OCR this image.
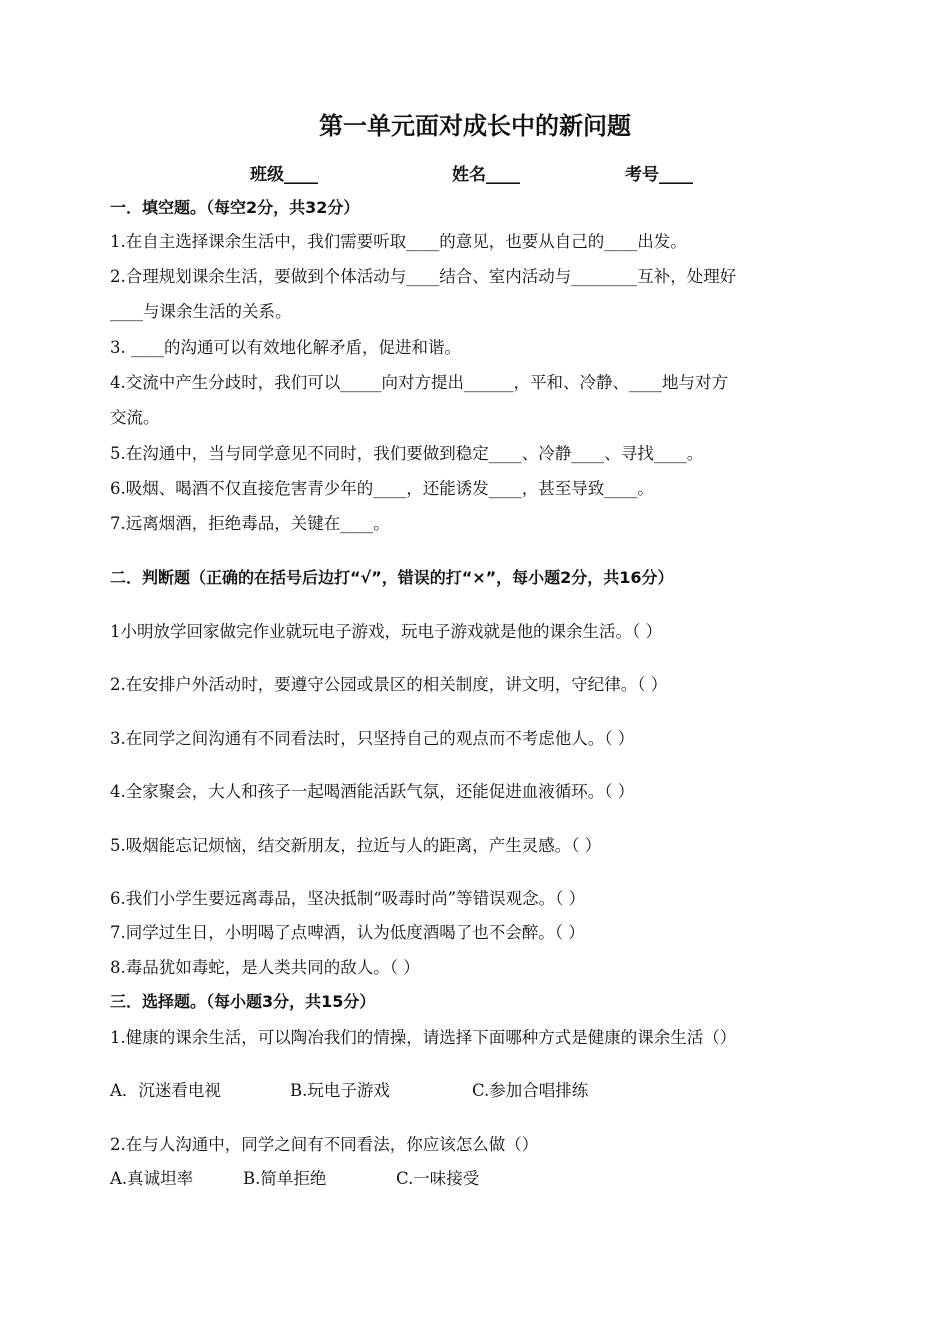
第一单元面对成长中的新问题
班级____	姓名____	考号____
一．填空题。（每空2分，共32分）
1.在自主选择课余生活中，我们需要听取____的意见，也要从自己的____出发。
2.合理规划课余生活，要做到个体活动与____结合、室内活动与________互补，处理好
____与课余生活的关系。
3. ____的沟通可以有效地化解矛盾，促进和谐。
4.交流中产生分歧时，我们可以_____向对方提出______，平和、冷静、____地与对方
交流。
5.在沟通中，当与同学意见不同时，我们要做到稳定____、冷静____、寻找____。
6.吸烟、喝酒不仅直接危害青少年的____，还能诱发____，甚至导致____。
7.远离烟酒，拒绝毒品，关键在____。
二．判断题（正确的在括号后边打“√”，错误的打“×”，每小题2分，共16分）
1小明放学回家做完作业就玩电子游戏，玩电子游戏就是他的课余生活。（ ）
2.在安排户外活动时，要遵守公园或景区的相关制度，讲文明，守纪律。（ ）
3.在同学之间沟通有不同看法时，只坚持自己的观点而不考虑他人。（ ）
4.全家聚会，大人和孩子一起喝酒能活跃气氛，还能促进血液循环。（ ）
5.吸烟能忘记烦恼，结交新朋友，拉近与人的距离，产生灵感。（ ）
6.我们小学生要远离毒品，坚决抵制“吸毒时尚”等错误观念。（ ）
7.同学过生日，小明喝了点啤酒，认为低度酒喝了也不会醉。（ ）
8.毒品犹如毒蛇，是人类共同的敌人。（ ）
三．选择题。（每小题3分，共15分）
1.健康的课余生活，可以陶冶我们的情操，请选择下面哪种方式是健康的课余生活（）
A．沉迷看电视	B.玩电子游戏	C.参加合唱排练
2.在与人沟通中，同学之间有不同看法，你应该怎么做（）
A.真诚坦率	B.简单拒绝	C.一味接受
